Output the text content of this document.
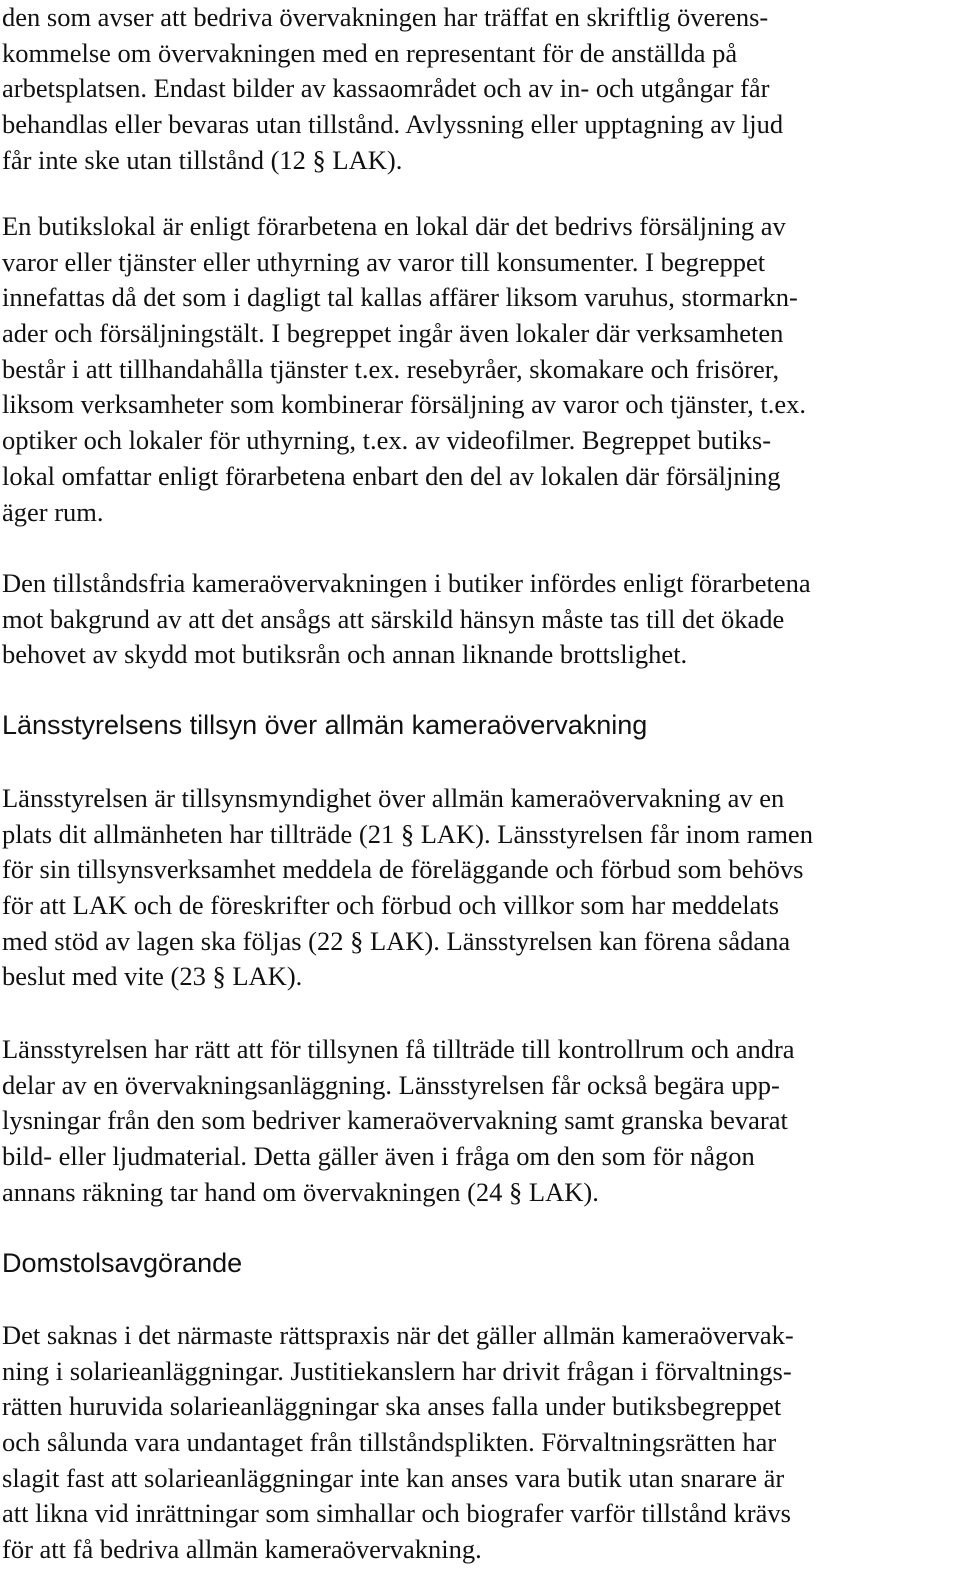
den som avser att bedriva övervakningen har träffat en skriftlig överens-
kommelse om övervakningen med en representant för de anställda på
arbetsplatsen. Endast bilder av kassaområdet och av in- och utgångar får
behandlas eller bevaras utan tillstånd. Avlyssning eller upptagning av ljud
får inte ske utan tillstånd (12 § LAK).

En butikslokal är enligt förarbetena en lokal där det bedrivs försäljning av
varor eller tjänster eller uthyrning av varor till konsumenter. I begreppet
innefattas då det som i dagligt tal kallas affärer liksom varuhus, stormarkn-
ader och försäljningstält. I begreppet ingår även lokaler där verksamheten
består i att tillhandahålla tjänster t.ex. resebyråer, skomakare och frisörer,
liksom verksamheter som kombinerar försäljning av varor och tjänster, t.ex.
optiker och lokaler för uthyrning, t.ex. av videofilmer. Begreppet butiks-
lokal omfattar enligt förarbetena enbart den del av lokalen där försäljning
äger rum.

Den tillståndsfria kameraövervakningen i butiker infördes enligt förarbetena
mot bakgrund av att det ansågs att särskild hänsyn måste tas till det ökade
behovet av skydd mot butiksrån och annan liknande brottslighet.

Länsstyrelsens tillsyn över allmän kameraövervakning

Länsstyrelsen är tillsynsmyndighet över allmän kameraövervakning av en
plats dit allmänheten har tillträde (21 § LAK). Länsstyrelsen får inom ramen
för sin tillsynsverksamhet meddela de föreläggande och förbud som behövs
för att LAK och de föreskrifter och förbud och villkor som har meddelats
med stöd av lagen ska följas (22 § LAK). Länsstyrelsen kan förena sådana
beslut med vite (23 § LAK).

Länsstyrelsen har rätt att för tillsynen få tillträde till kontrollrum och andra
delar av en övervakningsanläggning. Länsstyrelsen får också begära upp-
lysningar från den som bedriver kameraövervakning samt granska bevarat
bild- eller ljudmaterial. Detta gäller även i fråga om den som för någon
annans räkning tar hand om övervakningen (24 § LAK).

Domstolsavgörande

Det saknas i det närmaste rättspraxis när det gäller allmän kameraövervak-
ning i solarieanläggningar. Justitiekanslern har drivit frågan i förvaltnings-
rätten huruvida solarieanläggningar ska anses falla under butiksbegreppet
och sålunda vara undantaget från tillståndsplikten. Förvaltningsrätten har
slagit fast att solarieanläggningar inte kan anses vara butik utan snarare är
att likna vid inrättningar som simhallar och biografer varför tillstånd krävs
för att få bedriva allmän kameraövervakning.
